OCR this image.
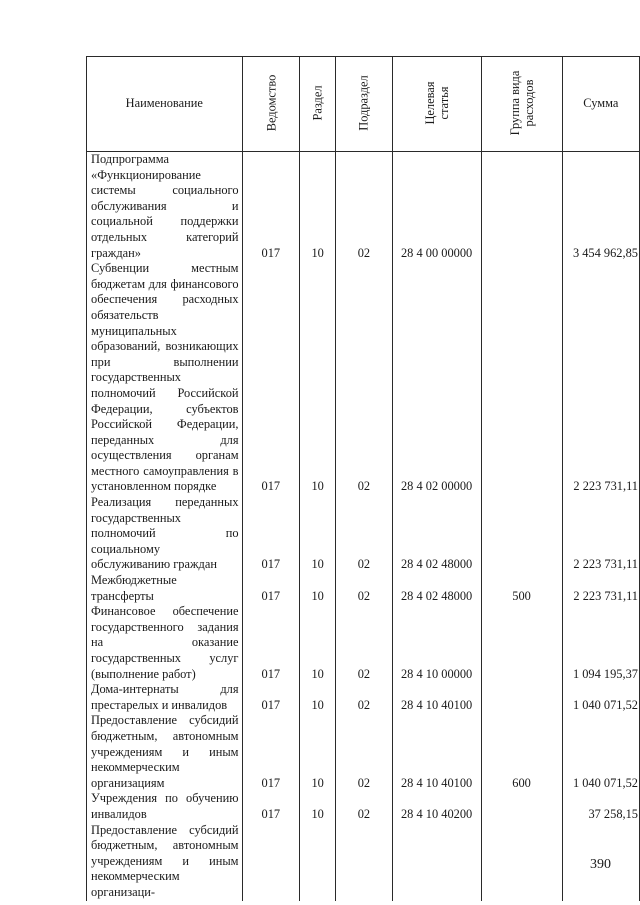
Наименование	Ведомство	Раздел	Подраздел	Целевая статья	Группа вида расходов	Сумма
Подпрограмма «Функционирование системы социального обслуживания и социальной поддержки отдельных категорий граждан»	017	10	02	28 4 00 00000		3 454 962,85
Субвенции местным бюджетам для финансового обеспечения расходных обязательств муниципальных образований, возникающих при выполнении государственных полномочий Российской Федерации, субъектов Российской Федерации, переданных для осуществления органам местного самоуправления в установленном порядке	017	10	02	28 4 02 00000		2 223 731,11
Реализация переданных государственных полномочий по социальному обслуживанию граждан	017	10	02	28 4 02 48000		2 223 731,11
Межбюджетные трансферты	017	10	02	28 4 02 48000	500	2 223 731,11
Финансовое обеспечение государственного задания на оказание государственных услуг (выполнение работ)	017	10	02	28 4 10 00000		1 094 195,37
Дома-интернаты для престарелых и инвалидов	017	10	02	28 4 10 40100		1 040 071,52
Предоставление субсидий бюджетным, автономным учреждениям и иным некоммерческим организациям	017	10	02	28 4 10 40100	600	1 040 071,52
Учреждения по обучению инвалидов	017	10	02	28 4 10 40200		37 258,15
Предоставление субсидий бюджетным, автономным учреждениям и иным некоммерческим организаци-						
390
